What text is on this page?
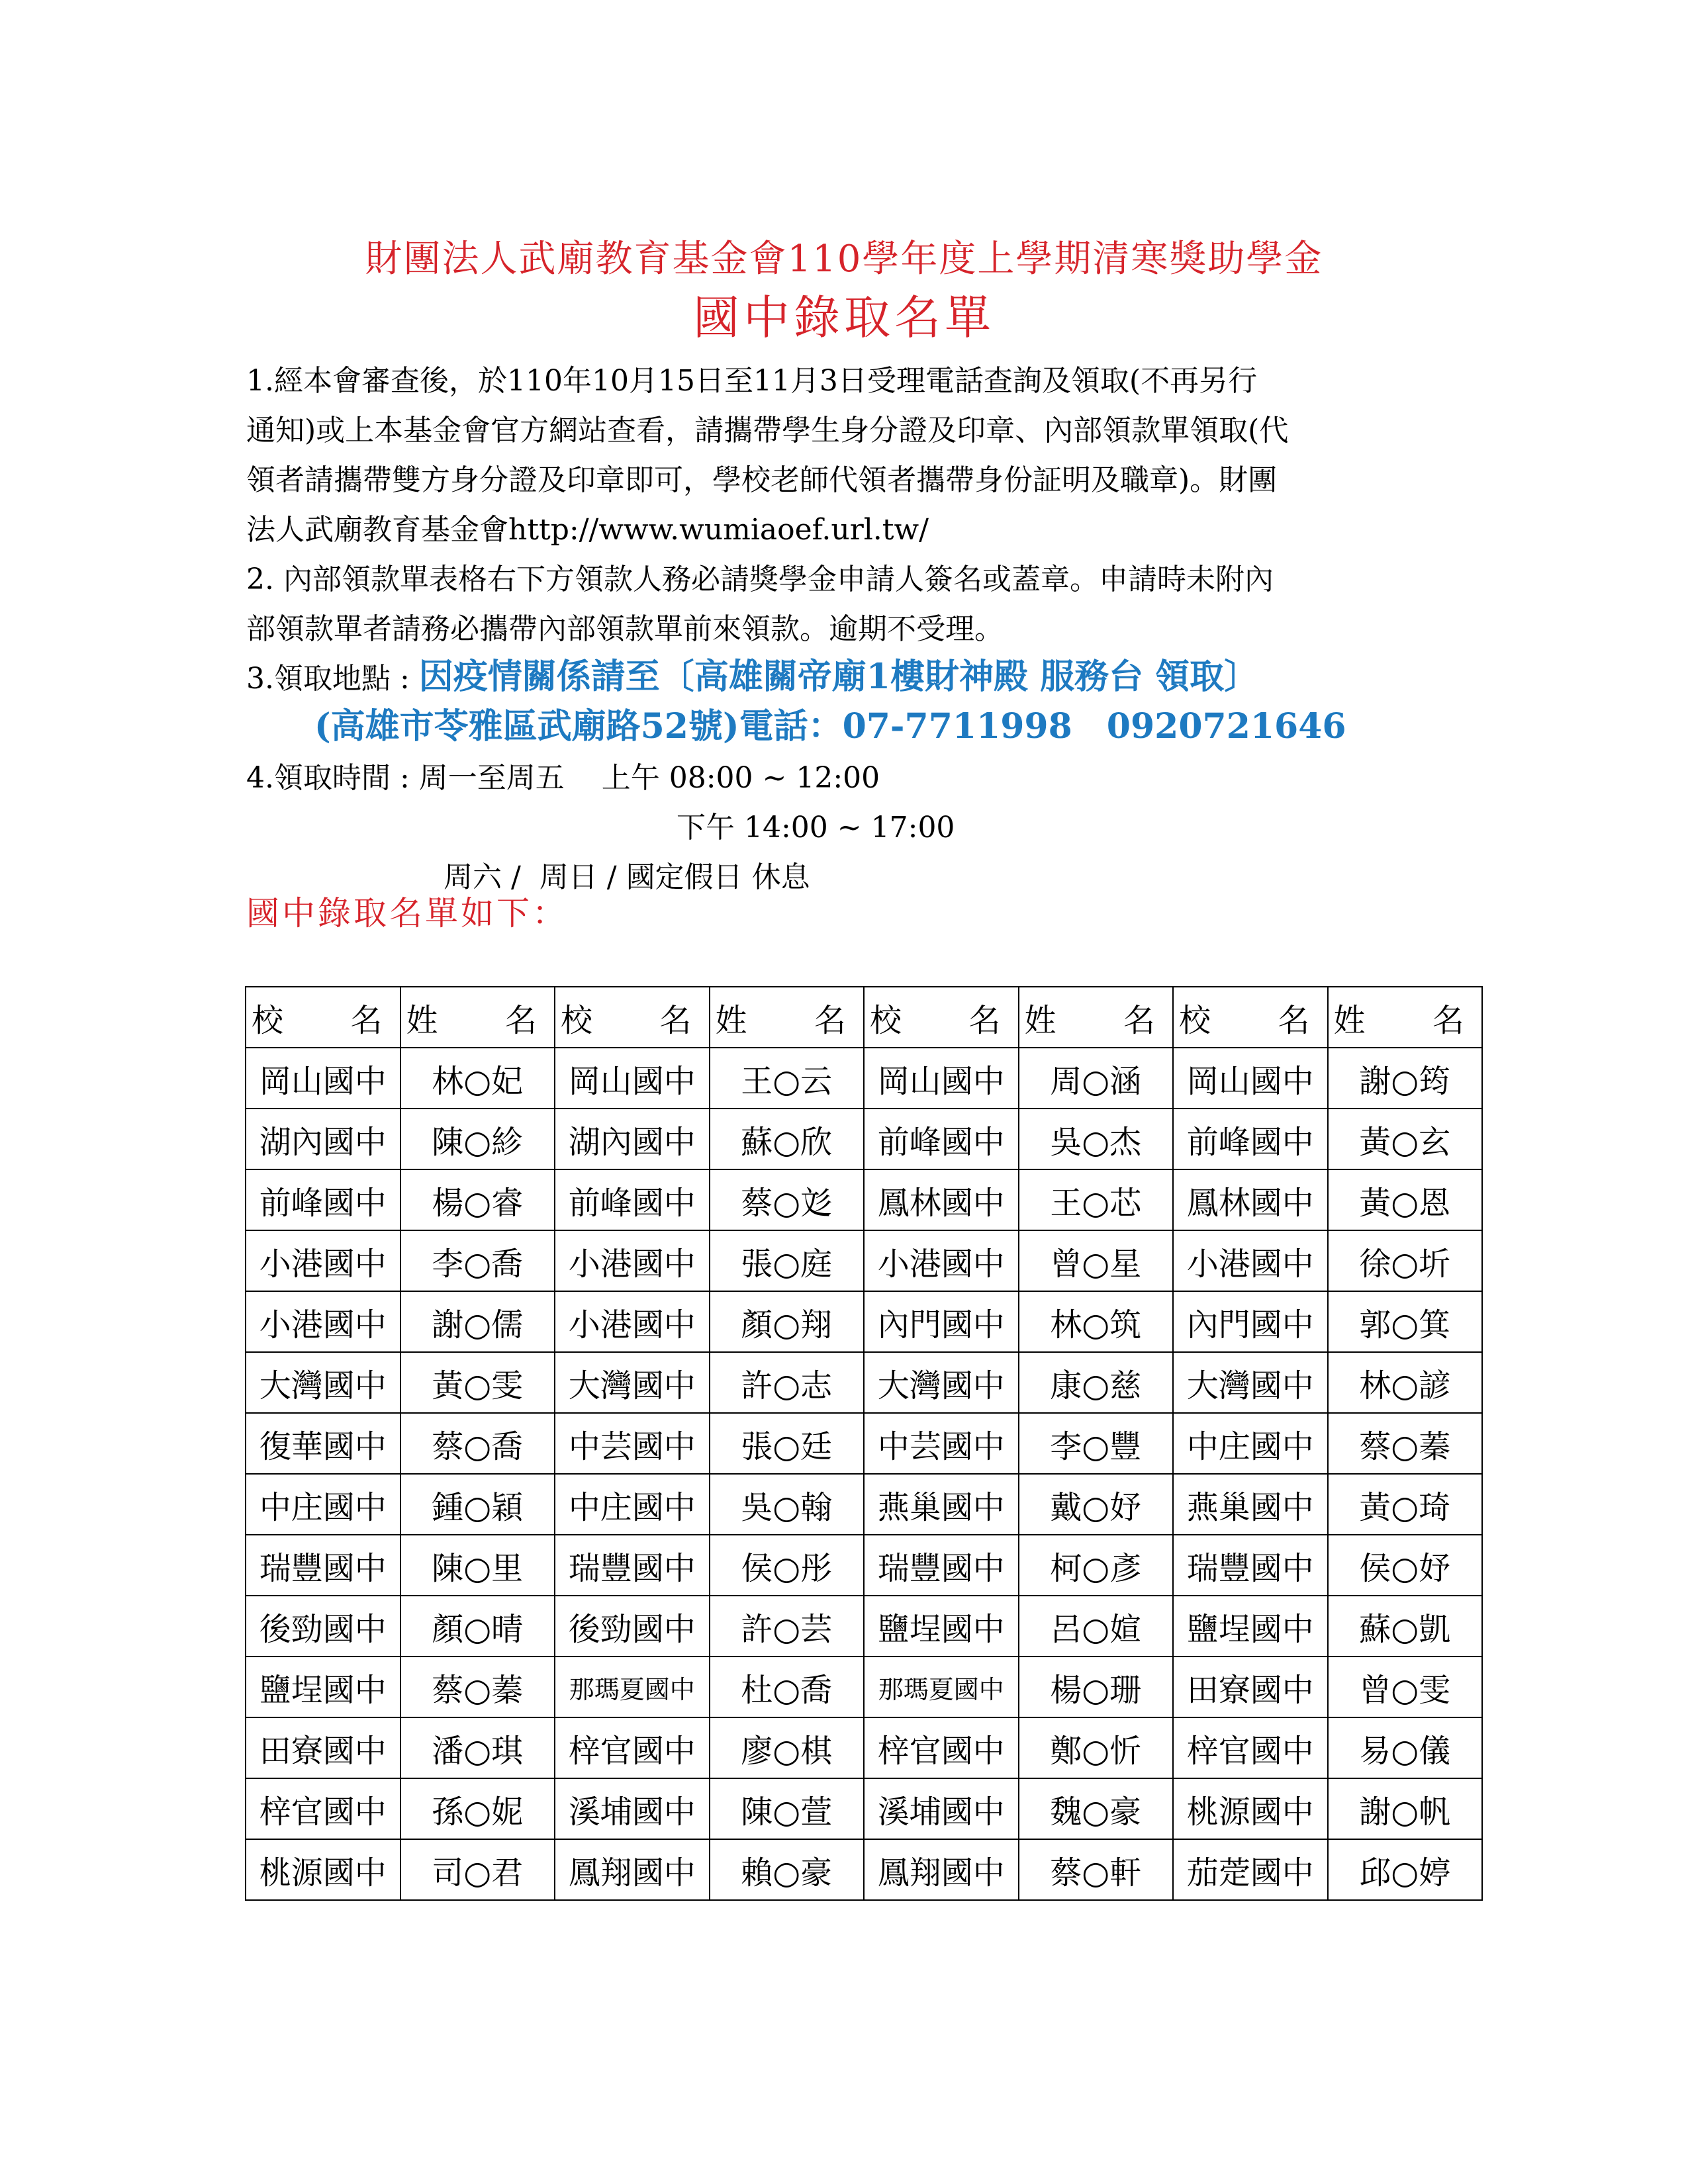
財團法人武廟教育基金會110學年度上學期清寒獎助學金
國中錄取名單
1.經本會審查後，於110年10月15日至11月3日受理電話查詢及領取(不再另行
通知)或上本基金會官方網站查看，請攜帶學生身分證及印章、內部領款單領取(代
領者請攜帶雙方身分證及印章即可，學校老師代領者攜帶身份証明及職章)。財團
法人武廟教育基金會http://www.wumiaoef.url.tw/
2. 內部領款單表格右下方領款人務必請獎學金申請人簽名或蓋章。申請時未附內
部領款單者請務必攜帶內部領款單前來領款。逾期不受理。
3.領取地點 : 因疫情關係請至〔高雄關帝廟1樓財神殿 服務台 領取〕
(高雄市苓雅區武廟路52號)電話：07-7711998　0920721646
4.領取時間 : 周一至周五    上午 08:00 ~ 12:00
下午 14:00 ~ 17:00
周六 /  周日 / 國定假日 休息
國中錄取名單如下：
校名	姓名	校名	姓名	校名	姓名	校名	姓名
岡山國中	林○妃	岡山國中	王○云	岡山國中	周○涵	岡山國中	謝○筠
湖內國中	陳○紾	湖內國中	蘇○欣	前峰國中	吳○杰	前峰國中	黃○玄
前峰國中	楊○睿	前峰國中	蔡○彣	鳳林國中	王○芯	鳳林國中	黃○恩
小港國中	李○喬	小港國中	張○庭	小港國中	曾○星	小港國中	徐○圻
小港國中	謝○儒	小港國中	顏○翔	內門國中	林○筑	內門國中	郭○箕
大灣國中	黃○雯	大灣國中	許○志	大灣國中	康○慈	大灣國中	林○諺
復華國中	蔡○喬	中芸國中	張○廷	中芸國中	李○豐	中庄國中	蔡○蓁
中庄國中	鍾○穎	中庄國中	吳○翰	燕巢國中	戴○妤	燕巢國中	黃○琦
瑞豐國中	陳○里	瑞豐國中	侯○彤	瑞豐國中	柯○彥	瑞豐國中	侯○妤
後勁國中	顏○晴	後勁國中	許○芸	鹽埕國中	呂○媗	鹽埕國中	蘇○凱
鹽埕國中	蔡○蓁	那瑪夏國中	杜○喬	那瑪夏國中	楊○珊	田寮國中	曾○雯
田寮國中	潘○琪	梓官國中	廖○棋	梓官國中	鄭○忻	梓官國中	易○儀
梓官國中	孫○妮	溪埔國中	陳○萱	溪埔國中	魏○豪	桃源國中	謝○帆
桃源國中	司○君	鳳翔國中	賴○豪	鳳翔國中	蔡○軒	茄萣國中	邱○婷
